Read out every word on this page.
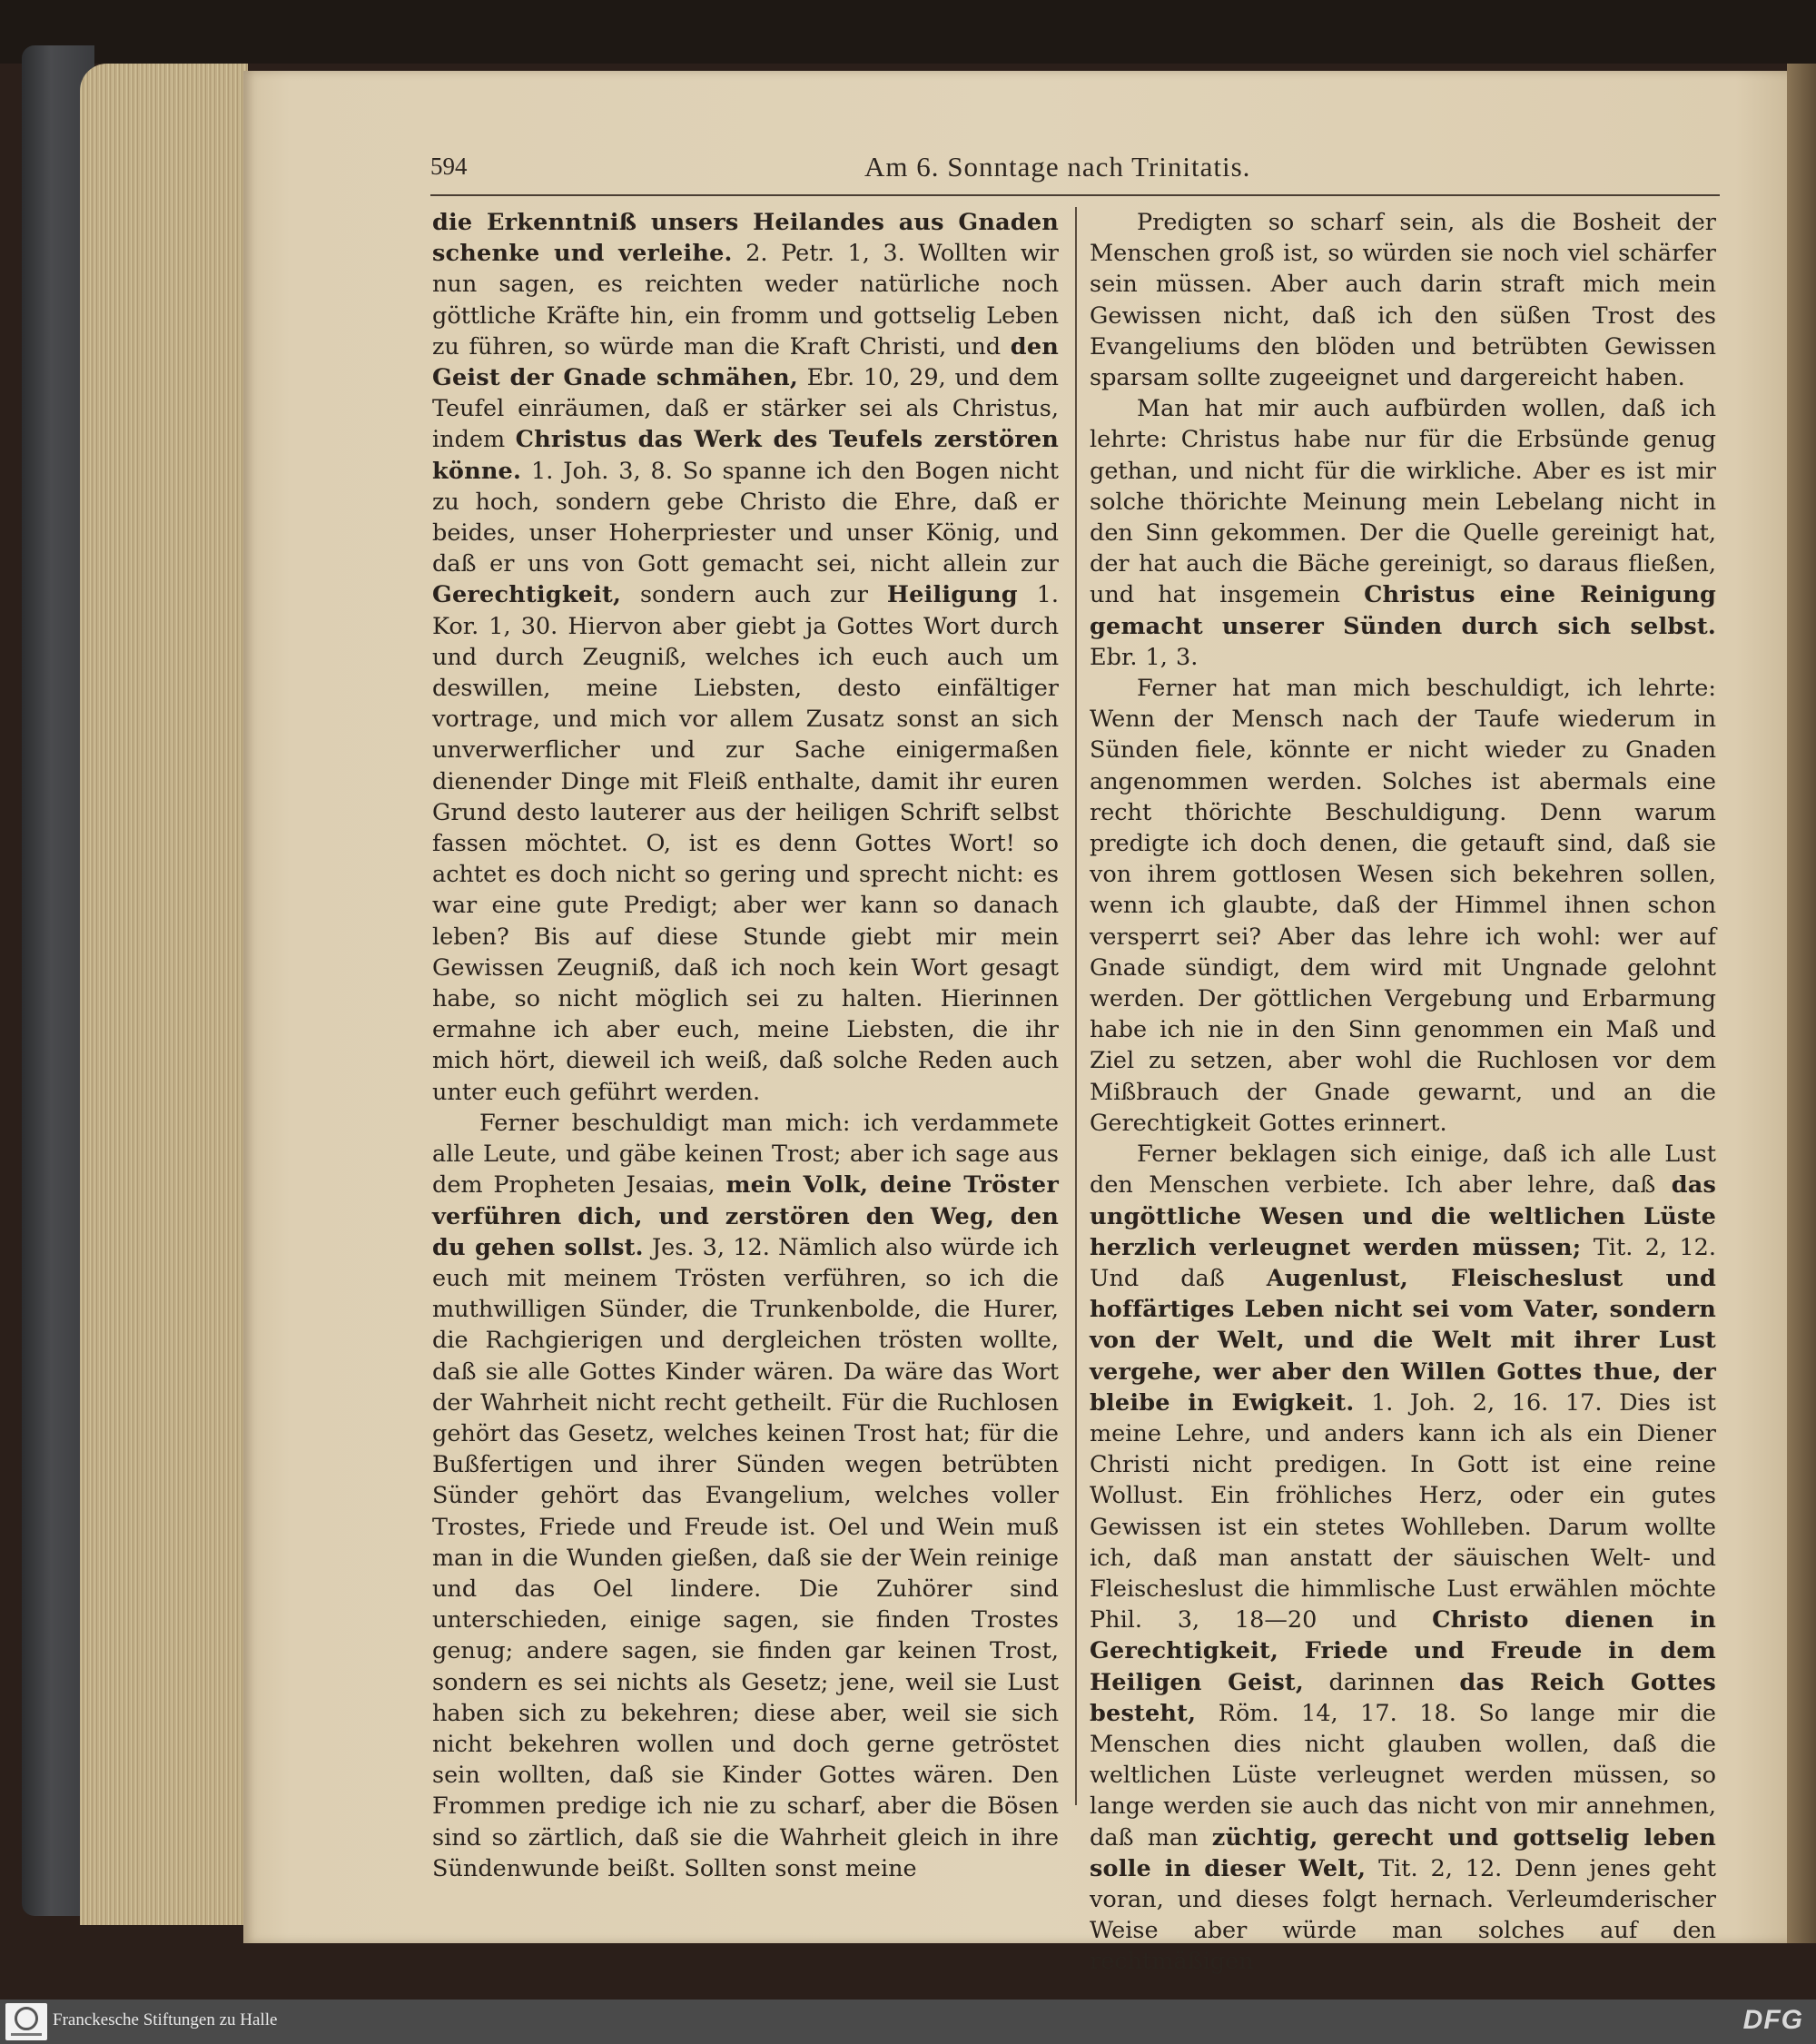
594	Am 6. Sonntage nach Trinitatis.

die Erkenntniß unsers Heilandes aus Gnaden schenke und verleihe. 2. Petr. 1, 3. Wollten wir nun sagen, es reichten weder natürliche noch göttliche Kräfte hin, ein fromm und gottselig Leben zu führen, so würde man die Kraft Christi, und den Geist der Gnade schmähen, Ebr. 10, 29, und dem Teufel einräumen, daß er stärker sei als Christus, indem Christus das Werk des Teufels zerstören könne. 1. Joh. 3, 8. So spanne ich den Bogen nicht zu hoch, sondern gebe Christo die Ehre, daß er beides, unser Hoherpriester und unser König, und daß er uns von Gott gemacht sei, nicht allein zur Gerechtigkeit, sondern auch zur Heiligung 1. Kor. 1, 30. Hiervon aber giebt ja Gottes Wort durch und durch Zeugniß, welches ich euch auch um deswillen, meine Liebsten, desto einfältiger vortrage, und mich vor allem Zusatz sonst an sich unverwerflicher und zur Sache einigermaßen dienender Dinge mit Fleiß enthalte, damit ihr euren Grund desto lauterer aus der heiligen Schrift selbst fassen möchtet. O, ist es denn Gottes Wort! so achtet es doch nicht so gering und sprecht nicht: es war eine gute Predigt; aber wer kann so danach leben? Bis auf diese Stunde giebt mir mein Gewissen Zeugniß, daß ich noch kein Wort gesagt habe, so nicht möglich sei zu halten. Hierinnen ermahne ich aber euch, meine Liebsten, die ihr mich hört, dieweil ich weiß, daß solche Reden auch unter euch geführt werden.

Ferner beschuldigt man mich: ich verdammete alle Leute, und gäbe keinen Trost; aber ich sage aus dem Propheten Jesaias, mein Volk, deine Tröster verführen dich, und zerstören den Weg, den du gehen sollst. Jes. 3, 12. Nämlich also würde ich euch mit meinem Trösten verführen, so ich die muthwilligen Sünder, die Trunkenbolde, die Hurer, die Rachgierigen und dergleichen trösten wollte, daß sie alle Gottes Kinder wären. Da wäre das Wort der Wahrheit nicht recht getheilt. Für die Ruchlosen gehört das Gesetz, welches keinen Trost hat; für die Bußfertigen und ihrer Sünden wegen betrübten Sünder gehört das Evangelium, welches voller Trostes, Friede und Freude ist. Oel und Wein muß man in die Wunden gießen, daß sie der Wein reinige und das Oel lindere. Die Zuhörer sind unterschieden, einige sagen, sie finden Trostes genug; andere sagen, sie finden gar keinen Trost, sondern es sei nichts als Gesetz; jene, weil sie Lust haben sich zu bekehren; diese aber, weil sie sich nicht bekehren wollen und doch gerne getröstet sein wollten, daß sie Kinder Gottes wären. Den Frommen predige ich nie zu scharf, aber die Bösen sind so zärtlich, daß sie die Wahrheit gleich in ihre Sündenwunde beißt. Sollten sonst meine

Predigten so scharf sein, als die Bosheit der Menschen groß ist, so würden sie noch viel schärfer sein müssen. Aber auch darin straft mich mein Gewissen nicht, daß ich den süßen Trost des Evangeliums den blöden und betrübten Gewissen sparsam sollte zugeeignet und dargereicht haben.

Man hat mir auch aufbürden wollen, daß ich lehrte: Christus habe nur für die Erbsünde genug gethan, und nicht für die wirkliche. Aber es ist mir solche thörichte Meinung mein Lebelang nicht in den Sinn gekommen. Der die Quelle gereinigt hat, der hat auch die Bäche gereinigt, so daraus fließen, und hat insgemein Christus eine Reinigung gemacht unserer Sünden durch sich selbst. Ebr. 1, 3.

Ferner hat man mich beschuldigt, ich lehrte: Wenn der Mensch nach der Taufe wiederum in Sünden fiele, könnte er nicht wieder zu Gnaden angenommen werden. Solches ist abermals eine recht thörichte Beschuldigung. Denn warum predigte ich doch denen, die getauft sind, daß sie von ihrem gottlosen Wesen sich bekehren sollen, wenn ich glaubte, daß der Himmel ihnen schon versperrt sei? Aber das lehre ich wohl: wer auf Gnade sündigt, dem wird mit Ungnade gelohnt werden. Der göttlichen Vergebung und Erbarmung habe ich nie in den Sinn genommen ein Maß und Ziel zu setzen, aber wohl die Ruchlosen vor dem Mißbrauch der Gnade gewarnt, und an die Gerechtigkeit Gottes erinnert.

Ferner beklagen sich einige, daß ich alle Lust den Menschen verbiete. Ich aber lehre, daß das ungöttliche Wesen und die weltlichen Lüste herzlich verleugnet werden müssen; Tit. 2, 12. Und daß Augenlust, Fleischeslust und hoffärtiges Leben nicht sei vom Vater, sondern von der Welt, und die Welt mit ihrer Lust vergehe, wer aber den Willen Gottes thue, der bleibe in Ewigkeit. 1. Joh. 2, 16. 17. Dies ist meine Lehre, und anders kann ich als ein Diener Christi nicht predigen. In Gott ist eine reine Wollust. Ein fröhliches Herz, oder ein gutes Gewissen ist ein stetes Wohlleben. Darum wollte ich, daß man anstatt der säuischen Welt- und Fleischeslust die himmlische Lust erwählen möchte Phil. 3, 18—20 und Christo dienen in Gerechtigkeit, Friede und Freude in dem Heiligen Geist, darinnen das Reich Gottes besteht, Röm. 14, 17. 18. So lange mir die Menschen dies nicht glauben wollen, daß die weltlichen Lüste verleugnet werden müssen, so lange werden sie auch das nicht von mir annehmen, daß man züchtig, gerecht und gottselig leben solle in dieser Welt, Tit. 2, 12. Denn jenes geht voran, und dieses folgt hernach. Verleumderischer Weise aber würde man solches auf den rechtmäßigen

Franckesche Stiftungen zu Halle	DFG
